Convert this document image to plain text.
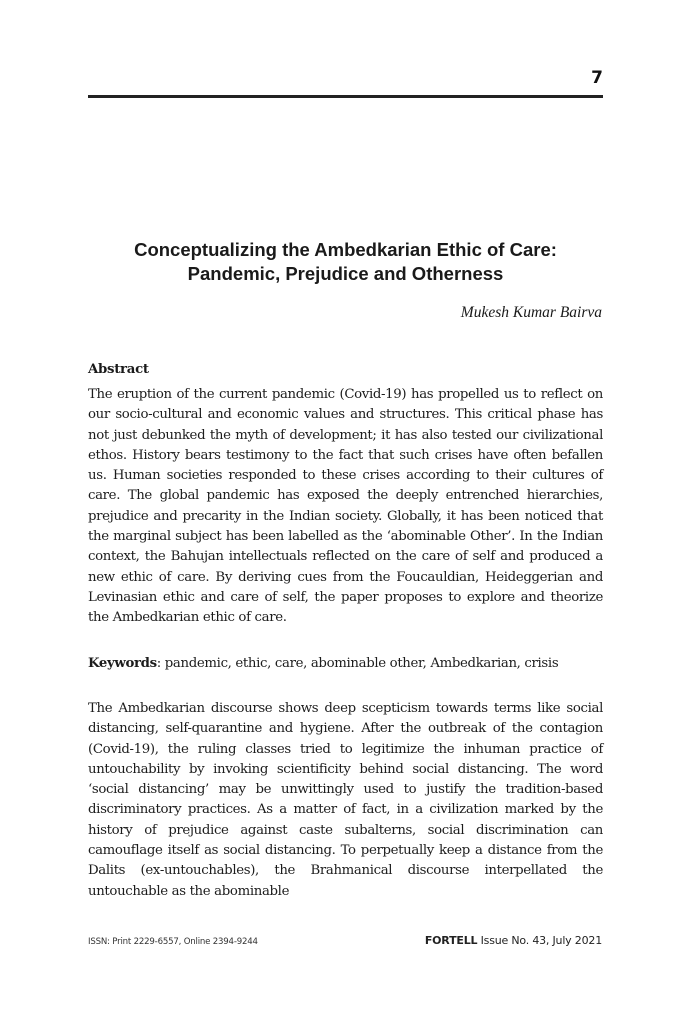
7
Conceptualizing the Ambedkarian Ethic of Care:
Pandemic, Prejudice and Otherness
Mukesh Kumar Bairva
Abstract
The eruption of the current pandemic (Covid-19) has propelled us to reflect on our socio-cultural and economic values and structures. This critical phase has not just debunked the myth of development; it has also tested our civilizational ethos. History bears testimony to the fact that such crises have often befallen us. Human societies responded to these crises according to their cultures of care. The global pandemic has exposed the deeply entrenched hierarchies, prejudice and precarity in the Indian society. Globally, it has been noticed that the marginal subject has been labelled as the ‘abominable Other’. In the Indian context, the Bahujan intellectuals reflected on the care of self and produced a new ethic of care. By deriving cues from the Foucauldian, Heideggerian and Levinasian ethic and care of self, the paper proposes to explore and theorize the Ambedkarian ethic of care.
Keywords: pandemic, ethic, care, abominable other, Ambedkarian, crisis
The Ambedkarian discourse shows deep scepticism towards terms like social distancing, self-quarantine and hygiene. After the outbreak of the contagion (Covid-19), the ruling classes tried to legitimize the inhuman practice of untouchability by invoking scientificity behind social distancing. The word ‘social distancing’ may be unwittingly used to justify the tradition-based discriminatory practices. As a matter of fact, in a civilization marked by the history of prejudice against caste subalterns, social discrimination can camouflage itself as social distancing. To perpetually keep a distance from the Dalits (ex-untouchables), the Brahmanical discourse interpellated the untouchable as the abominable
ISSN: Print 2229-6557, Online 2394-9244	FORTELL Issue No. 43, July 2021
